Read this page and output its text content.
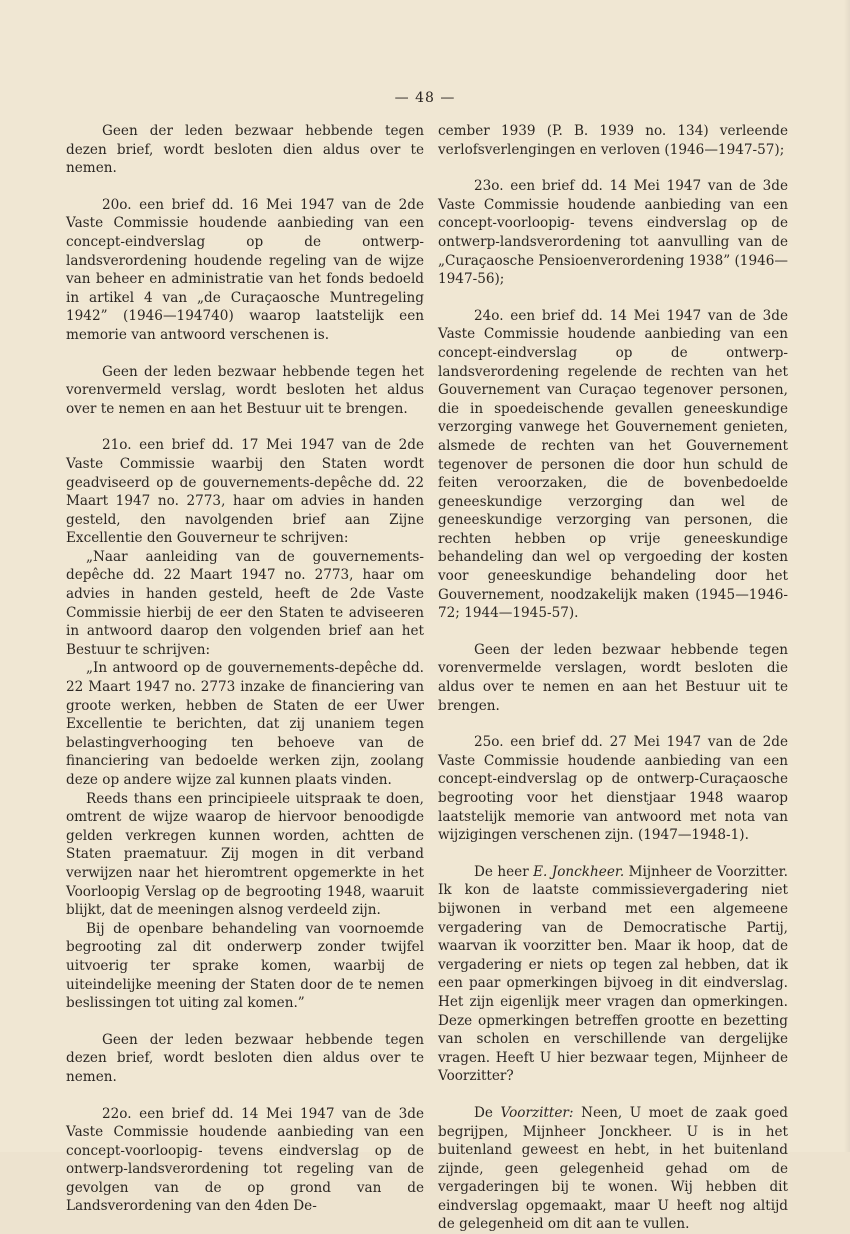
— 48 —

Geen der leden bezwaar hebbende tegen dezen brief, wordt besloten dien aldus over te nemen.

20o. een brief dd. 16 Mei 1947 van de 2de Vaste Commissie houdende aanbieding van een concept-eindverslag op de ontwerp-landsverordening houdende regeling van de wijze van beheer en administratie van het fonds bedoeld in artikel 4 van „de Curaçaosche Muntregeling 1942” (1946—194740) waarop laatstelijk een memorie van antwoord verschenen is.

Geen der leden bezwaar hebbende tegen het vorenvermeld verslag, wordt besloten het aldus over te nemen en aan het Bestuur uit te brengen.

21o. een brief dd. 17 Mei 1947 van de 2de Vaste Commissie waarbij den Staten wordt geadviseerd op de gouvernements-depêche dd. 22 Maart 1947 no. 2773, haar om advies in handen gesteld, den navolgenden brief aan Zijne Excellentie den Gouverneur te schrijven:

„Naar aanleiding van de gouvernements-depêche dd. 22 Maart 1947 no. 2773, haar om advies in handen gesteld, heeft de 2de Vaste Commissie hierbij de eer den Staten te adviseeren in antwoord daarop den volgenden brief aan het Bestuur te schrijven:

„In antwoord op de gouvernements-depêche dd. 22 Maart 1947 no. 2773 inzake de financiering van groote werken, hebben de Staten de eer Uwer Excellentie te berichten, dat zij unaniem tegen belastingverhooging ten behoeve van de financiering van bedoelde werken zijn, zoolang deze op andere wijze zal kunnen plaats vinden.

Reeds thans een principieele uitspraak te doen, omtrent de wijze waarop de hiervoor benoodigde gelden verkregen kunnen worden, achtten de Staten praematuur. Zij mogen in dit verband verwijzen naar het hieromtrent opgemerkte in het Voorloopig Verslag op de begrooting 1948, waaruit blijkt, dat de meeningen alsnog verdeeld zijn.

Bij de openbare behandeling van voornoemde begrooting zal dit onderwerp zonder twijfel uitvoerig ter sprake komen, waarbij de uiteindelijke meening der Staten door de te nemen beslissingen tot uiting zal komen.”

Geen der leden bezwaar hebbende tegen dezen brief, wordt besloten dien aldus over te nemen.

22o. een brief dd. 14 Mei 1947 van de 3de Vaste Commissie houdende aanbieding van een concept-voorloopig- tevens eindverslag op de ontwerp-landsverordening tot regeling van de gevolgen van de op grond van de Landsverordening van den 4den De-

cember 1939 (P. B. 1939 no. 134) verleende verlofsverlengingen en verloven (1946—1947-57);

23o. een brief dd. 14 Mei 1947 van de 3de Vaste Commissie houdende aanbieding van een concept-voorloopig- tevens eindverslag op de ontwerp-landsverordening tot aanvulling van de „Curaçaosche Pensioenverordening 1938” (1946—1947-56);

24o. een brief dd. 14 Mei 1947 van de 3de Vaste Commissie houdende aanbieding van een concept-eindverslag op de ontwerp-landsverordening regelende de rechten van het Gouvernement van Curaçao tegenover personen, die in spoedeischende gevallen geneeskundige verzorging vanwege het Gouvernement genieten, alsmede de rechten van het Gouvernement tegenover de personen die door hun schuld de feiten veroorzaken, die de bovenbedoelde geneeskundige verzorging dan wel de geneeskundige verzorging van personen, die rechten hebben op vrije geneeskundige behandeling dan wel op vergoeding der kosten voor geneeskundige behandeling door het Gouvernement, noodzakelijk maken (1945—1946-72; 1944—1945-57).

Geen der leden bezwaar hebbende tegen vorenvermelde verslagen, wordt besloten die aldus over te nemen en aan het Bestuur uit te brengen.

25o. een brief dd. 27 Mei 1947 van de 2de Vaste Commissie houdende aanbieding van een concept-eindverslag op de ontwerp-Curaçaosche begrooting voor het dienstjaar 1948 waarop laatstelijk memorie van antwoord met nota van wijzigingen verschenen zijn. (1947—1948-1).

De heer E. Jonckheer. Mijnheer de Voorzitter. Ik kon de laatste commissievergadering niet bijwonen in verband met een algemeene vergadering van de Democratische Partij, waarvan ik voorzitter ben. Maar ik hoop, dat de vergadering er niets op tegen zal hebben, dat ik een paar opmerkingen bijvoeg in dit eindverslag. Het zijn eigenlijk meer vragen dan opmerkingen. Deze opmerkingen betreffen grootte en bezetting van scholen en verschillende van dergelijke vragen. Heeft U hier bezwaar tegen, Mijnheer de Voorzitter?

De Voorzitter: Neen, U moet de zaak goed begrijpen, Mijnheer Jonckheer. U is in het buitenland geweest en hebt, in het buitenland zijnde, geen gelegenheid gehad om de vergaderingen bij te wonen. Wij hebben dit eindverslag opgemaakt, maar U heeft nog altijd de gelegenheid om dit aan te vullen.
